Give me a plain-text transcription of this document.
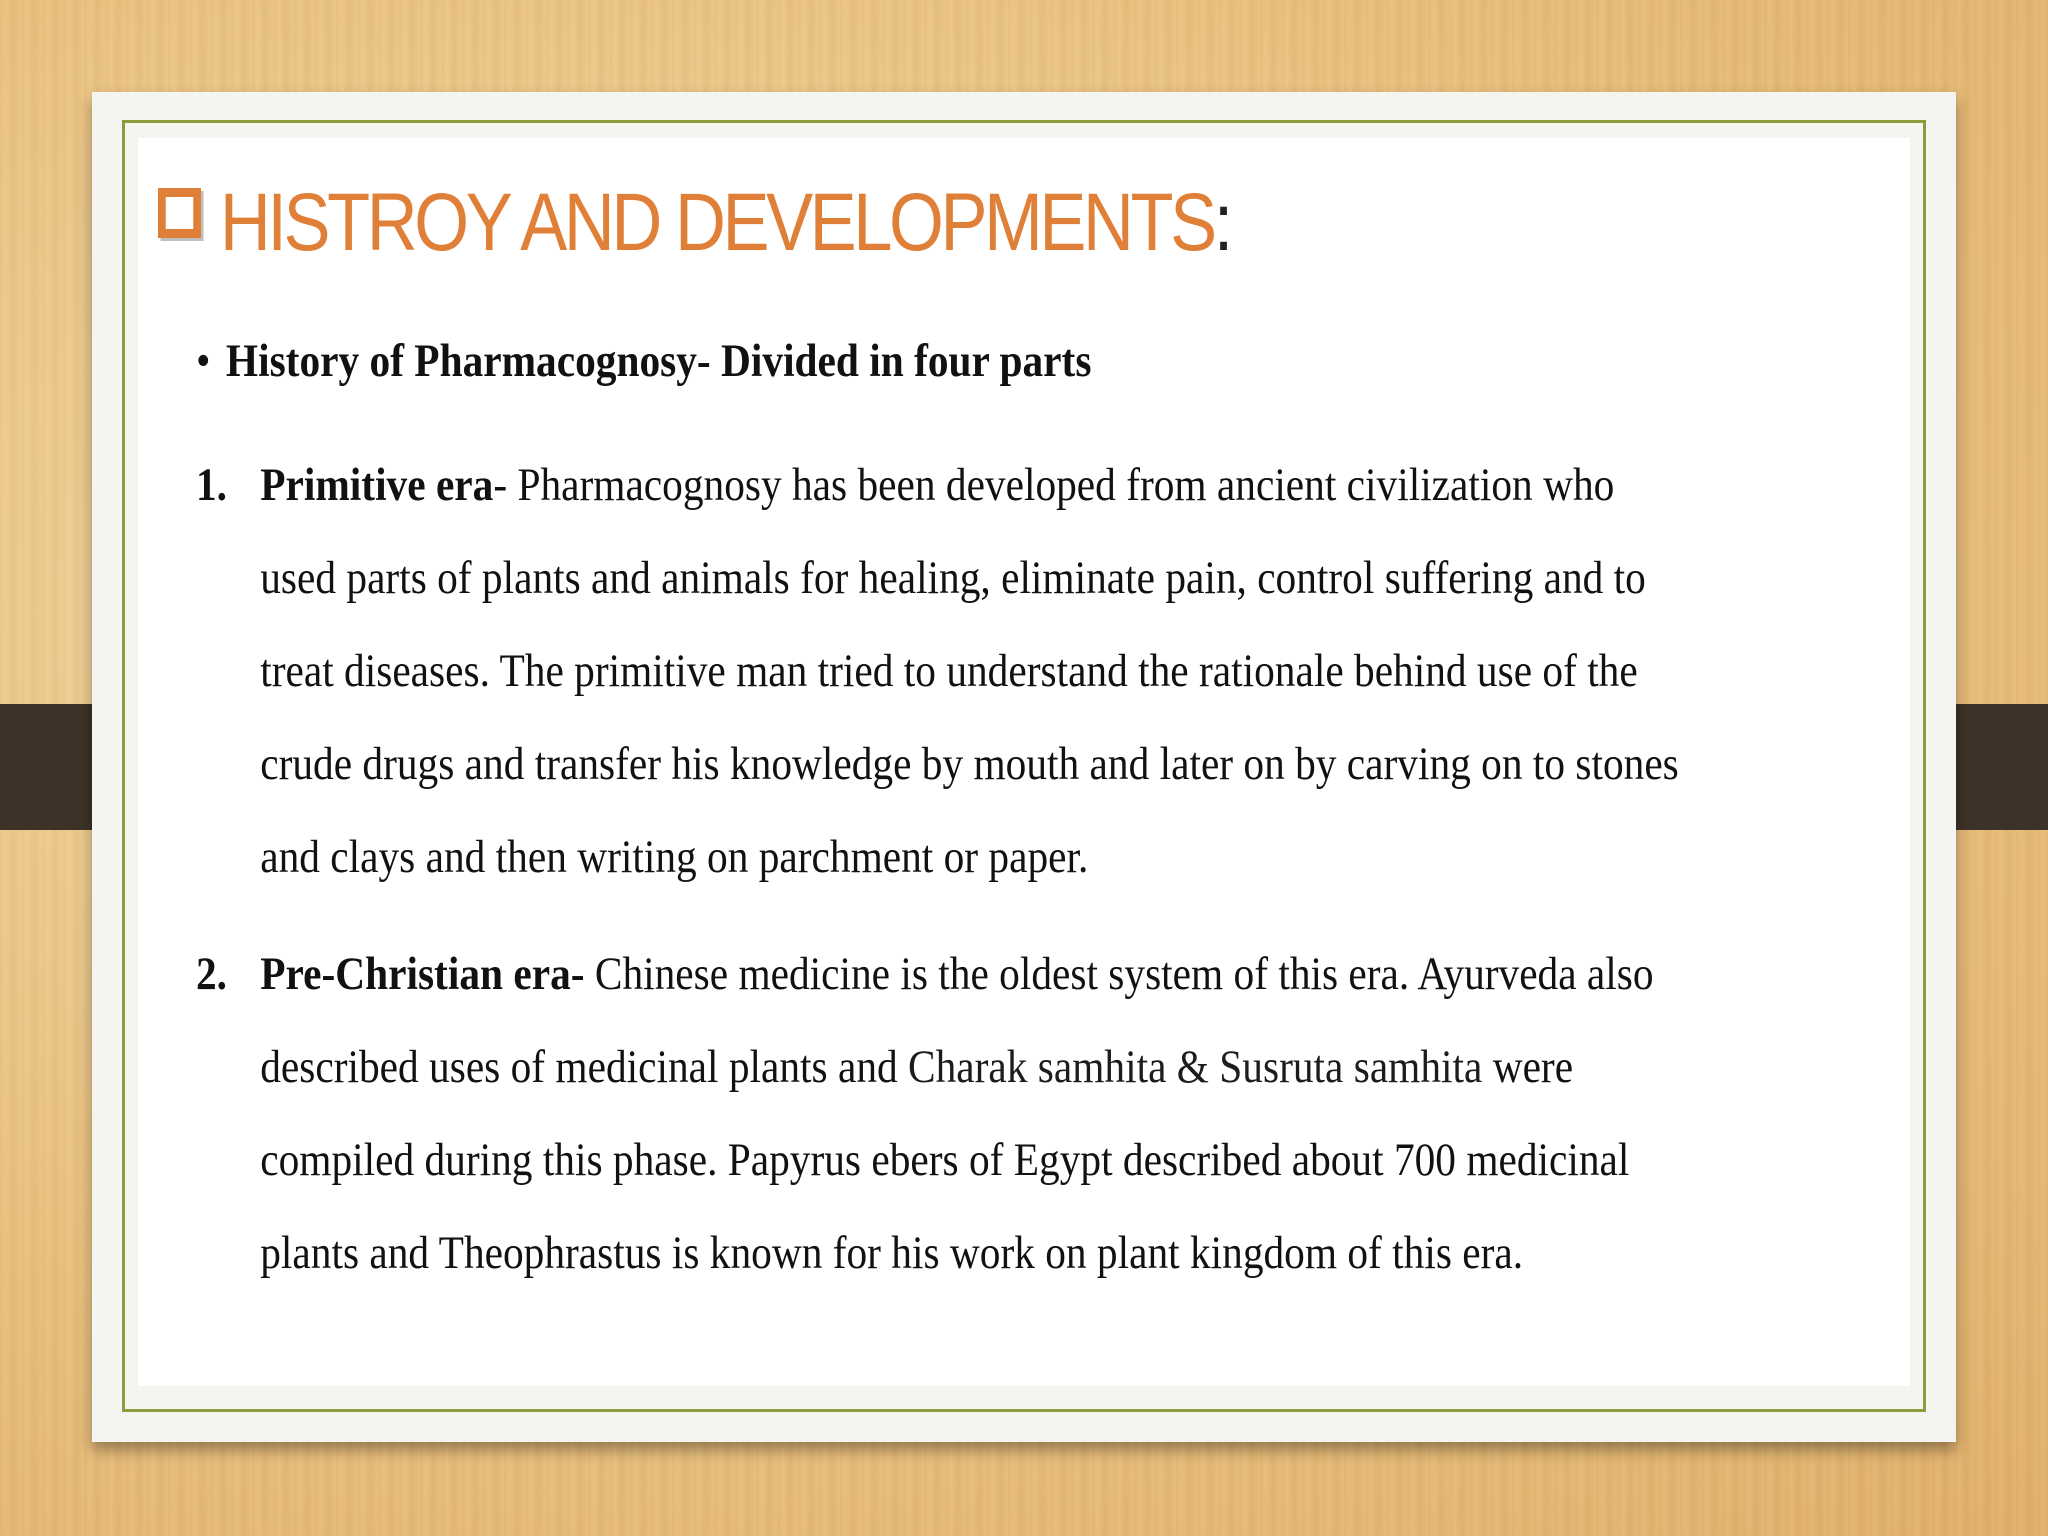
HISTROY AND DEVELOPMENTS :
• History of Pharmacognosy- Divided in four parts
1. Primitive era- Pharmacognosy has been developed from ancient civilization who used parts of plants and animals for healing, eliminate pain, control suffering and to treat diseases. The primitive man tried to understand the rationale behind use of the crude drugs and transfer his knowledge by mouth and later on by carving on to stones and clays and then writing on parchment or paper.
2. Pre-Christian era- Chinese medicine is the oldest system of this era. Ayurveda also described uses of medicinal plants and Charak samhita & Susruta samhita were compiled during this phase. Papyrus ebers of Egypt described about 700 medicinal plants and Theophrastus is known for his work on plant kingdom of this era.
